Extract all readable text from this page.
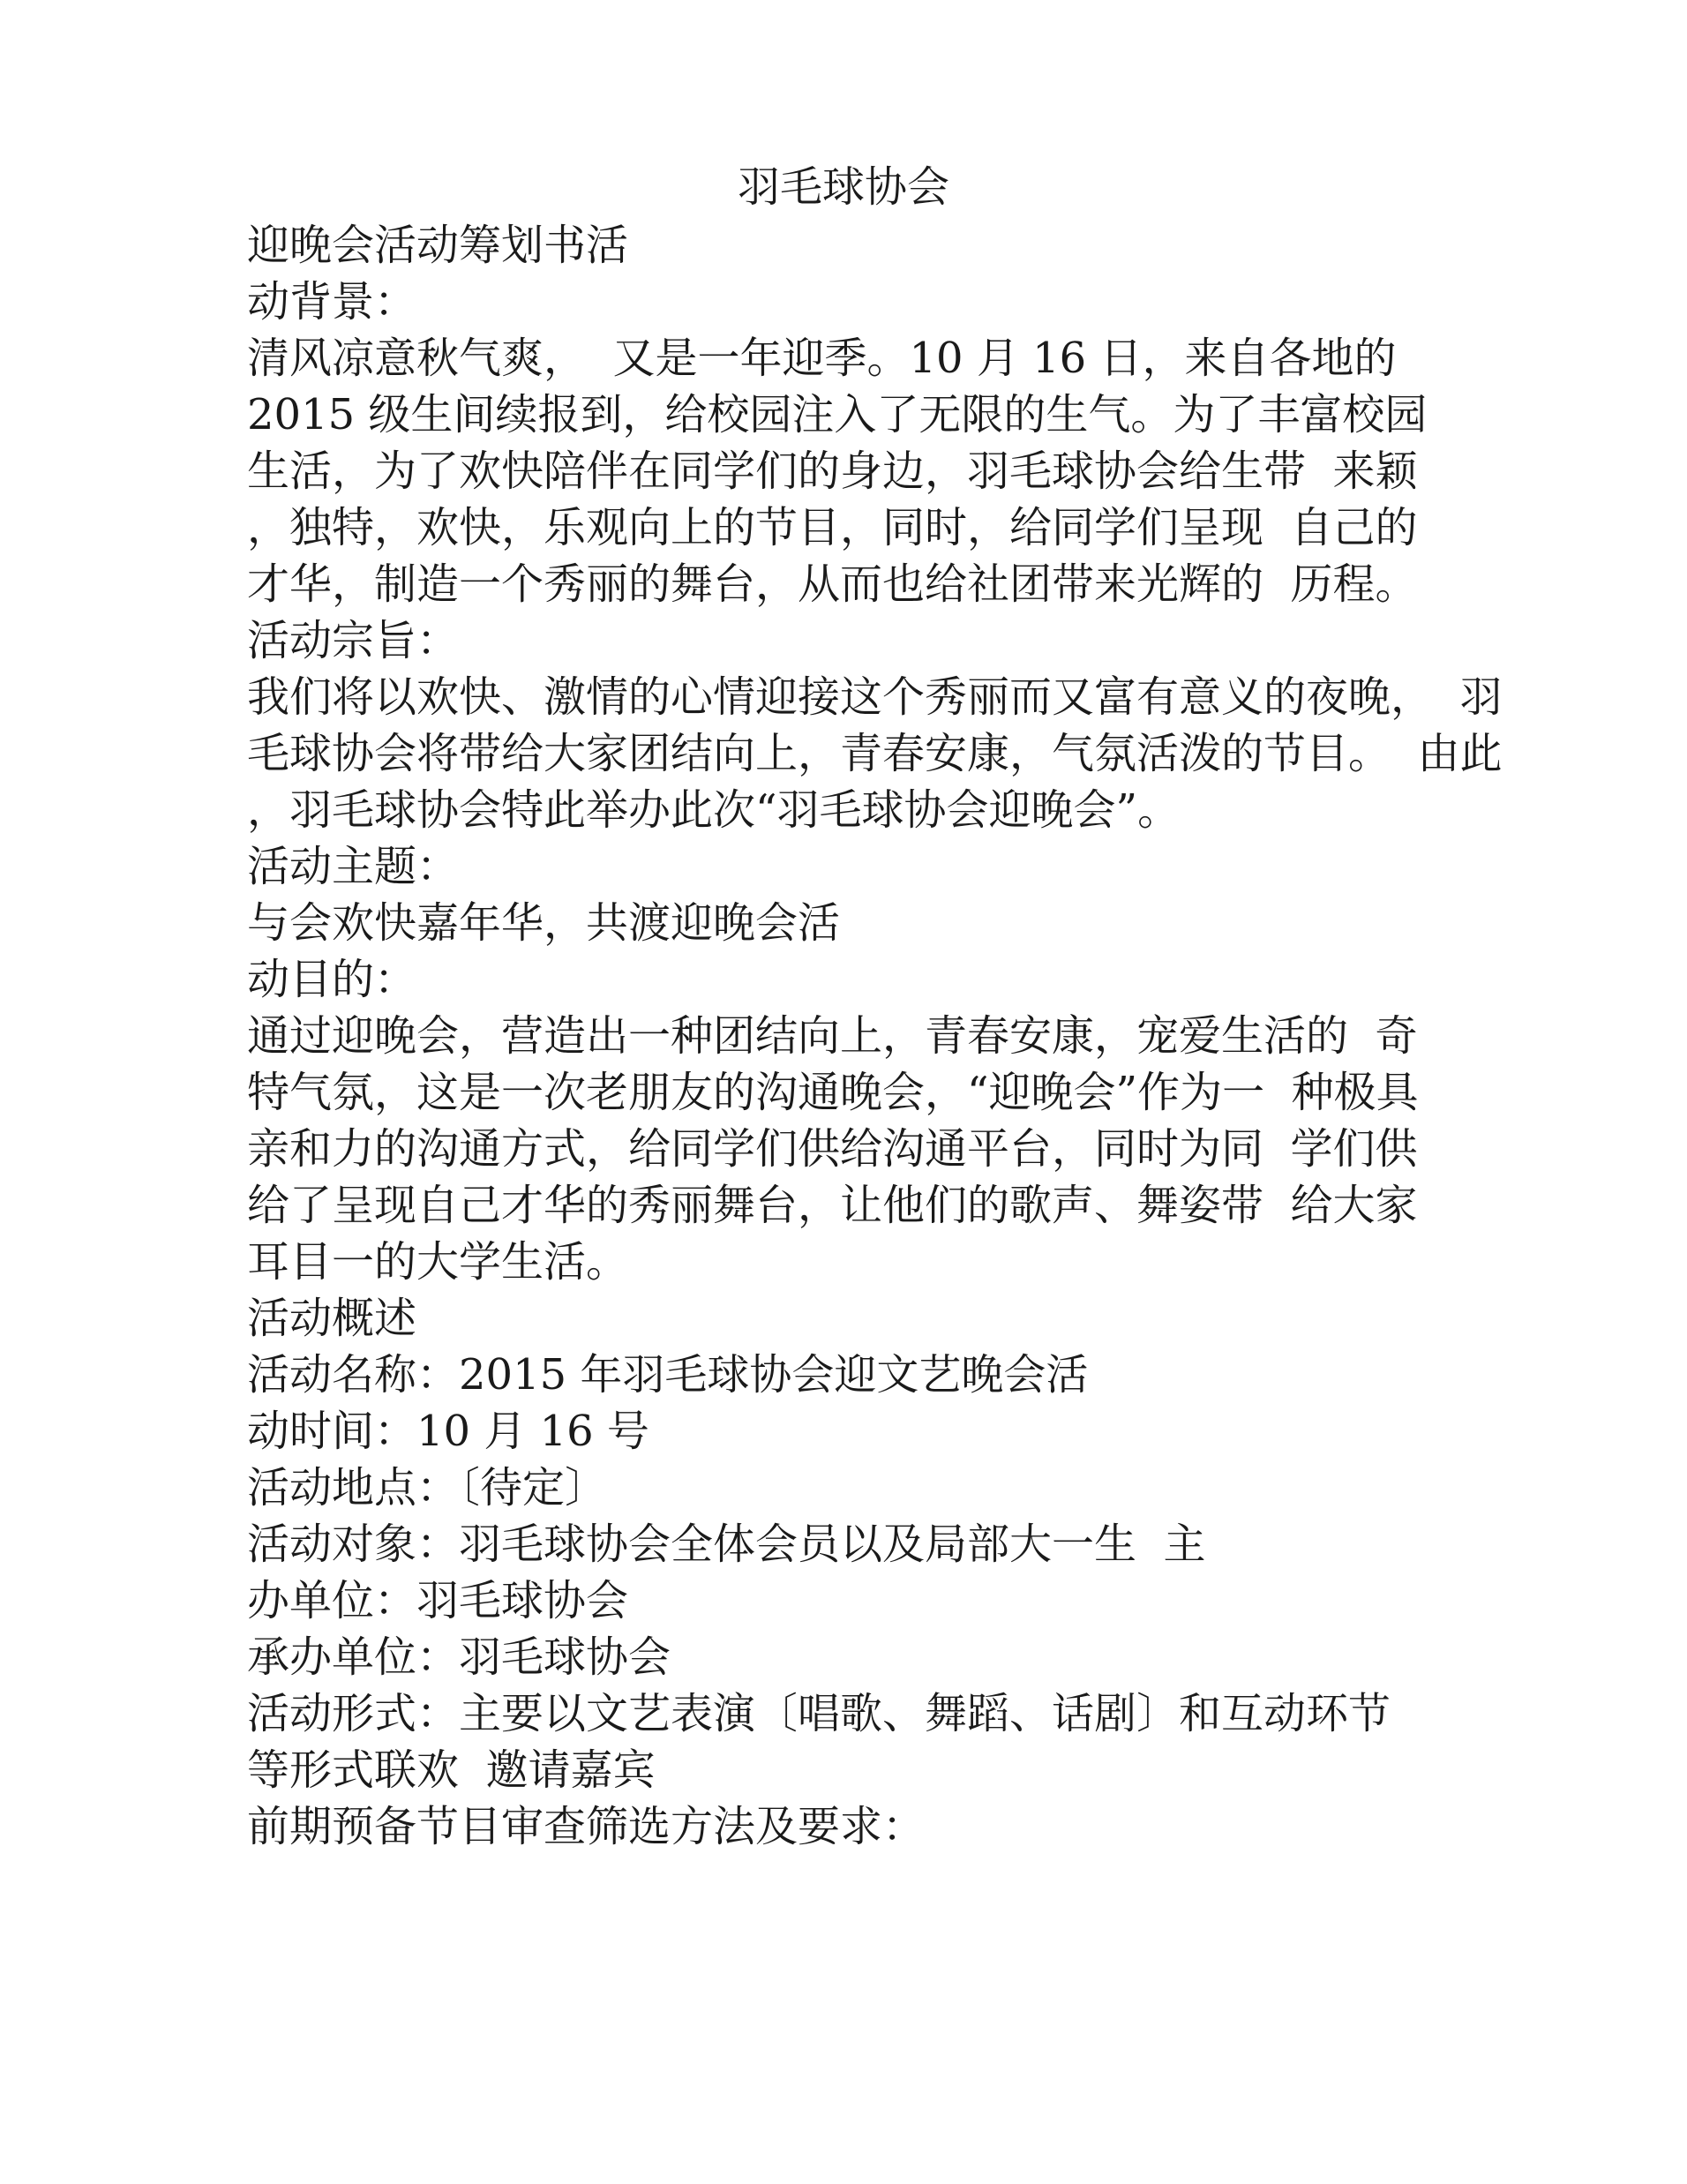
羽毛球协会

迎晚会活动筹划书活

动背景：

清风凉意秋气爽，  又是一年迎季。10 月 16 日，来自各地的

2015 级生间续报到，给校园注入了无限的生气。为了丰富校园

生活，为了欢快陪伴在同学们的身边，羽毛球协会给生带  来颖

，独特，欢快，乐观向上的节目，同时，给同学们呈现  自己的

才华，制造一个秀丽的舞台，从而也给社团带来光辉的  历程。

活动宗旨：

我们将以欢快、激情的心情迎接这个秀丽而又富有意义的夜晚，  羽

毛球协会将带给大家团结向上，青春安康，气氛活泼的节目。  由此

，羽毛球协会特此举办此次“羽毛球协会迎晚会”。

活动主题：

与会欢快嘉年华，共渡迎晚会活

动目的：

通过迎晚会，营造出一种团结向上，青春安康，宠爱生活的  奇

特气氛，这是一次老朋友的沟通晚会，“迎晚会”作为一  种极具

亲和力的沟通方式，给同学们供给沟通平台，同时为同  学们供

给了呈现自己才华的秀丽舞台，让他们的歌声、舞姿带  给大家

耳目一的大学生活。

活动概述

活动名称：2015 年羽毛球协会迎文艺晚会活

动时间：10 月 16 号

活动地点：〔待定〕

活动对象：羽毛球协会全体会员以及局部大一生  主

办单位：羽毛球协会

承办单位：羽毛球协会

活动形式：主要以文艺表演〔唱歌、舞蹈、话剧〕和互动环节

等形式联欢  邀请嘉宾

前期预备节目审查筛选方法及要求：
